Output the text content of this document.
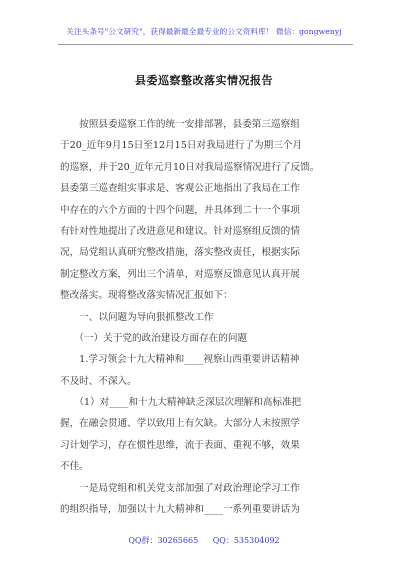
关注头条号"公文研究"，获得最新最全最专业的公文资料库！ 微信：gongwenyj
县委巡察整改落实情况报告
　　按照县委巡察工作的统一安排部署，县委第三巡察组
于20_近年9月15日至12月15日对我局进行了为期三个月
的巡察，并于20_近年元月10日对我局巡察情况进行了反馈。
县委第三巡查组实事求是、客观公正地指出了我局在工作
中存在的六个方面的十四个问题，并具体到二十一个事项
有针对性地提出了改进意见和建议。针对巡察组反馈的情
况，局党组认真研究整改措施，落实整改责任，根据实际
制定整改方案，列出三个清单，对巡察反馈意见认真开展
整改落实。现将整改落实情况汇报如下：
　　一、以问题为导向狠抓整改工作
　　（一）关于党的政治建设方面存在的问题
　　1.学习领会十九大精神和____视察山西重要讲话精神
不及时、不深入。
　　（1）对____和十九大精神缺乏深层次理解和高标准把
握，在融会贯通、学以致用上有欠缺。大部分人未按照学
习计划学习，存在惯性思维，流于表面、重视不够，效果
不佳。
　　一是局党组和机关党支部加强了对政治理论学习工作
的组织指导，加强以十九大精神和____一系列重要讲话为
QQ群：30265665 QQ：535304092
